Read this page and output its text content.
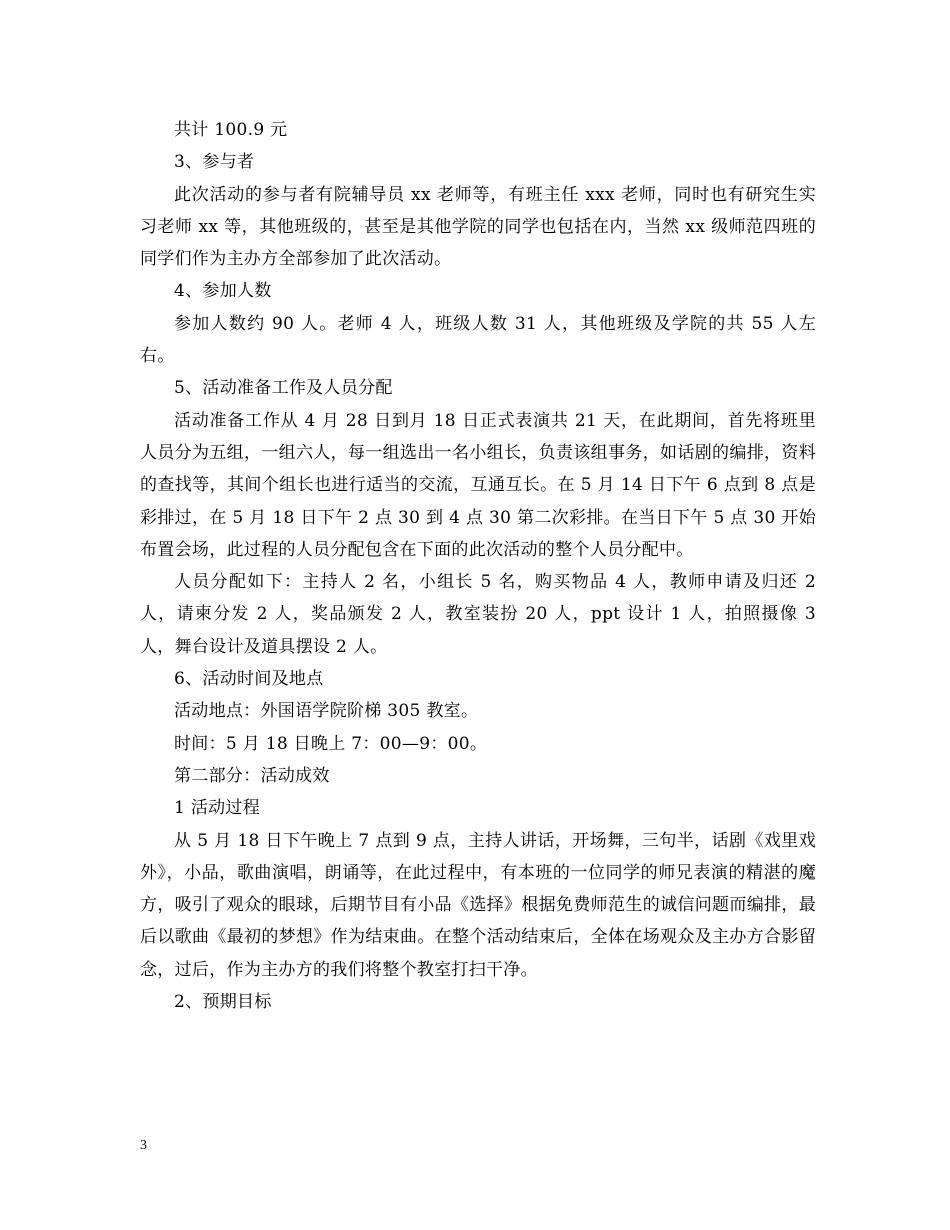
共计 100.9 元
3、参与者
此次活动的参与者有院辅导员 xx 老师等，有班主任 xxx 老师，同时也有研究生实习老师 xx 等，其他班级的，甚至是其他学院的同学也包括在内，当然 xx 级师范四班的同学们作为主办方全部参加了此次活动。
4、参加人数
参加人数约 90 人。老师 4 人，班级人数 31 人，其他班级及学院的共 55 人左右。
5、活动准备工作及人员分配
活动准备工作从 4 月 28 日到月 18 日正式表演共 21 天，在此期间，首先将班里人员分为五组，一组六人，每一组选出一名小组长，负责该组事务，如话剧的编排，资料的查找等，其间个组长也进行适当的交流，互通互长。在 5 月 14 日下午 6 点到 8 点是彩排过，在 5 月 18 日下午 2 点 30 到 4 点 30 第二次彩排。在当日下午 5 点 30 开始布置会场，此过程的人员分配包含在下面的此次活动的整个人员分配中。
人员分配如下：主持人 2 名，小组长 5 名，购买物品 4 人，教师申请及归还 2 人，请柬分发 2 人，奖品颁发 2 人，教室装扮 20 人，ppt 设计 1 人，拍照摄像 3 人，舞台设计及道具摆设 2 人。
6、活动时间及地点
活动地点：外国语学院阶梯 305 教室。
时间：5 月 18 日晚上 7：00—9：00。
第二部分：活动成效
1 活动过程
从 5 月 18 日下午晚上 7 点到 9 点，主持人讲话，开场舞，三句半，话剧《戏里戏外》，小品，歌曲演唱，朗诵等，在此过程中，有本班的一位同学的师兄表演的精湛的魔方，吸引了观众的眼球，后期节目有小品《选择》根据免费师范生的诚信问题而编排，最后以歌曲《最初的梦想》作为结束曲。在整个活动结束后，全体在场观众及主办方合影留念，过后，作为主办方的我们将整个教室打扫干净。
2、预期目标
3
